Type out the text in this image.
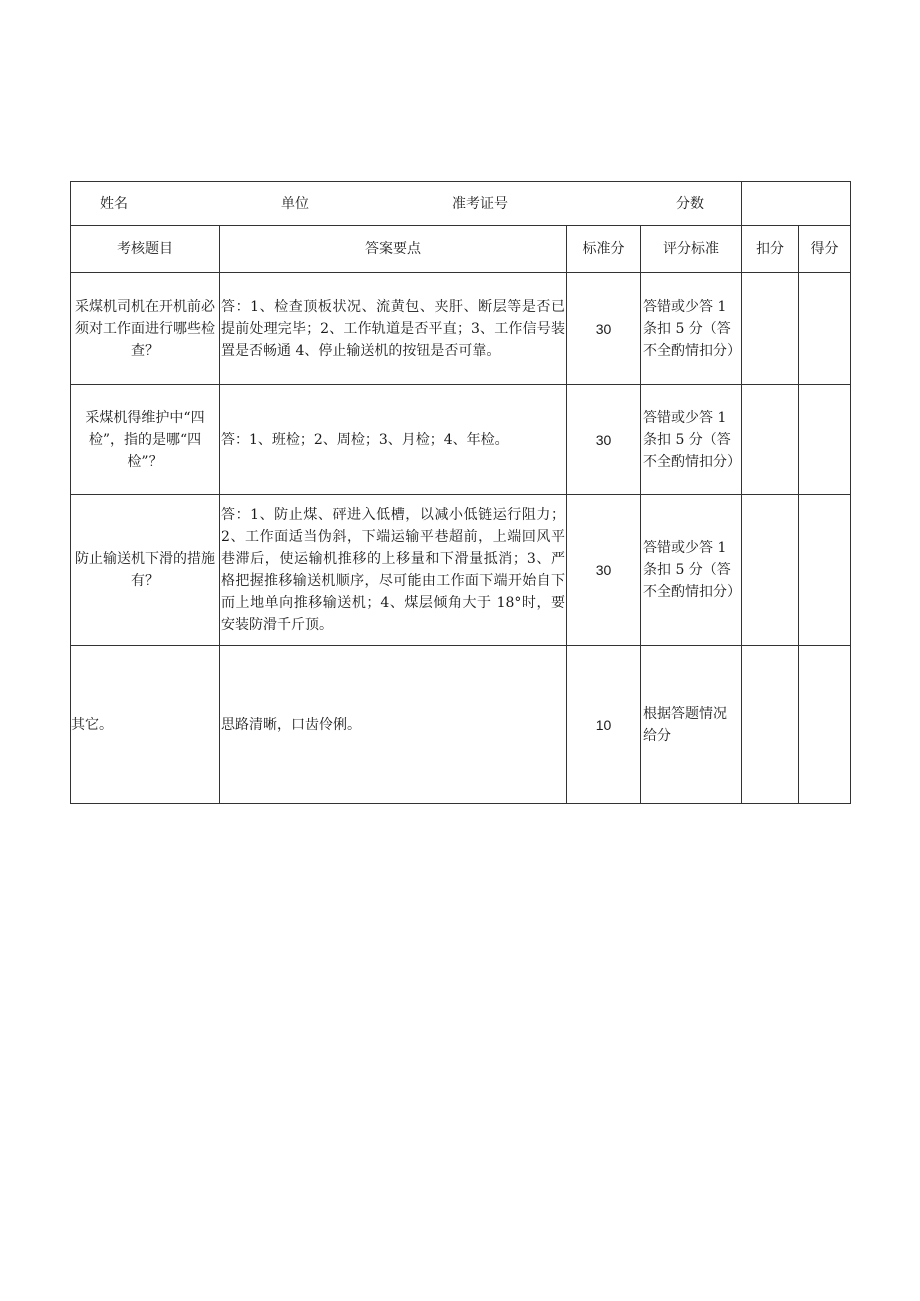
姓名 单位 准考证号 分数					

考核题目	答案要点	标准分	评分标准	扣分	得分
采煤机司机在开机前必须对工作面进行哪些检查？	答：1、检查顶板状况、流黄包、夹肝、断层等是否已提前处理完毕；2、工作轨道是否平直；3、工作信号装置是否畅通 4、停止输送机的按钮是否可靠。	30	答错或少答 1 条扣 5 分（答不全酌情扣分）		
采煤机得维护中“四检”，指的是哪“四检”？	答：1、班检；2、周检；3、月检；4、年检。	30	答错或少答 1 条扣 5 分（答不全酌情扣分）		
防止输送机下滑的措施有？	答：1、防止煤、砰进入低槽，以减小低链运行阻力；2、工作面适当伪斜，下端运输平巷超前，上端回风平巷滞后，使运输机推移的上移量和下滑量抵消；3、严格把握推移输送机顺序，尽可能由工作面下端开始自下而上地单向推移输送机；4、煤层倾角大于 18°时，要安装防滑千斤顶。	30	答错或少答 1 条扣 5 分（答不全酌情扣分）		
其它。	思路清晰，口齿伶俐。	10	根据答题情况给分		
